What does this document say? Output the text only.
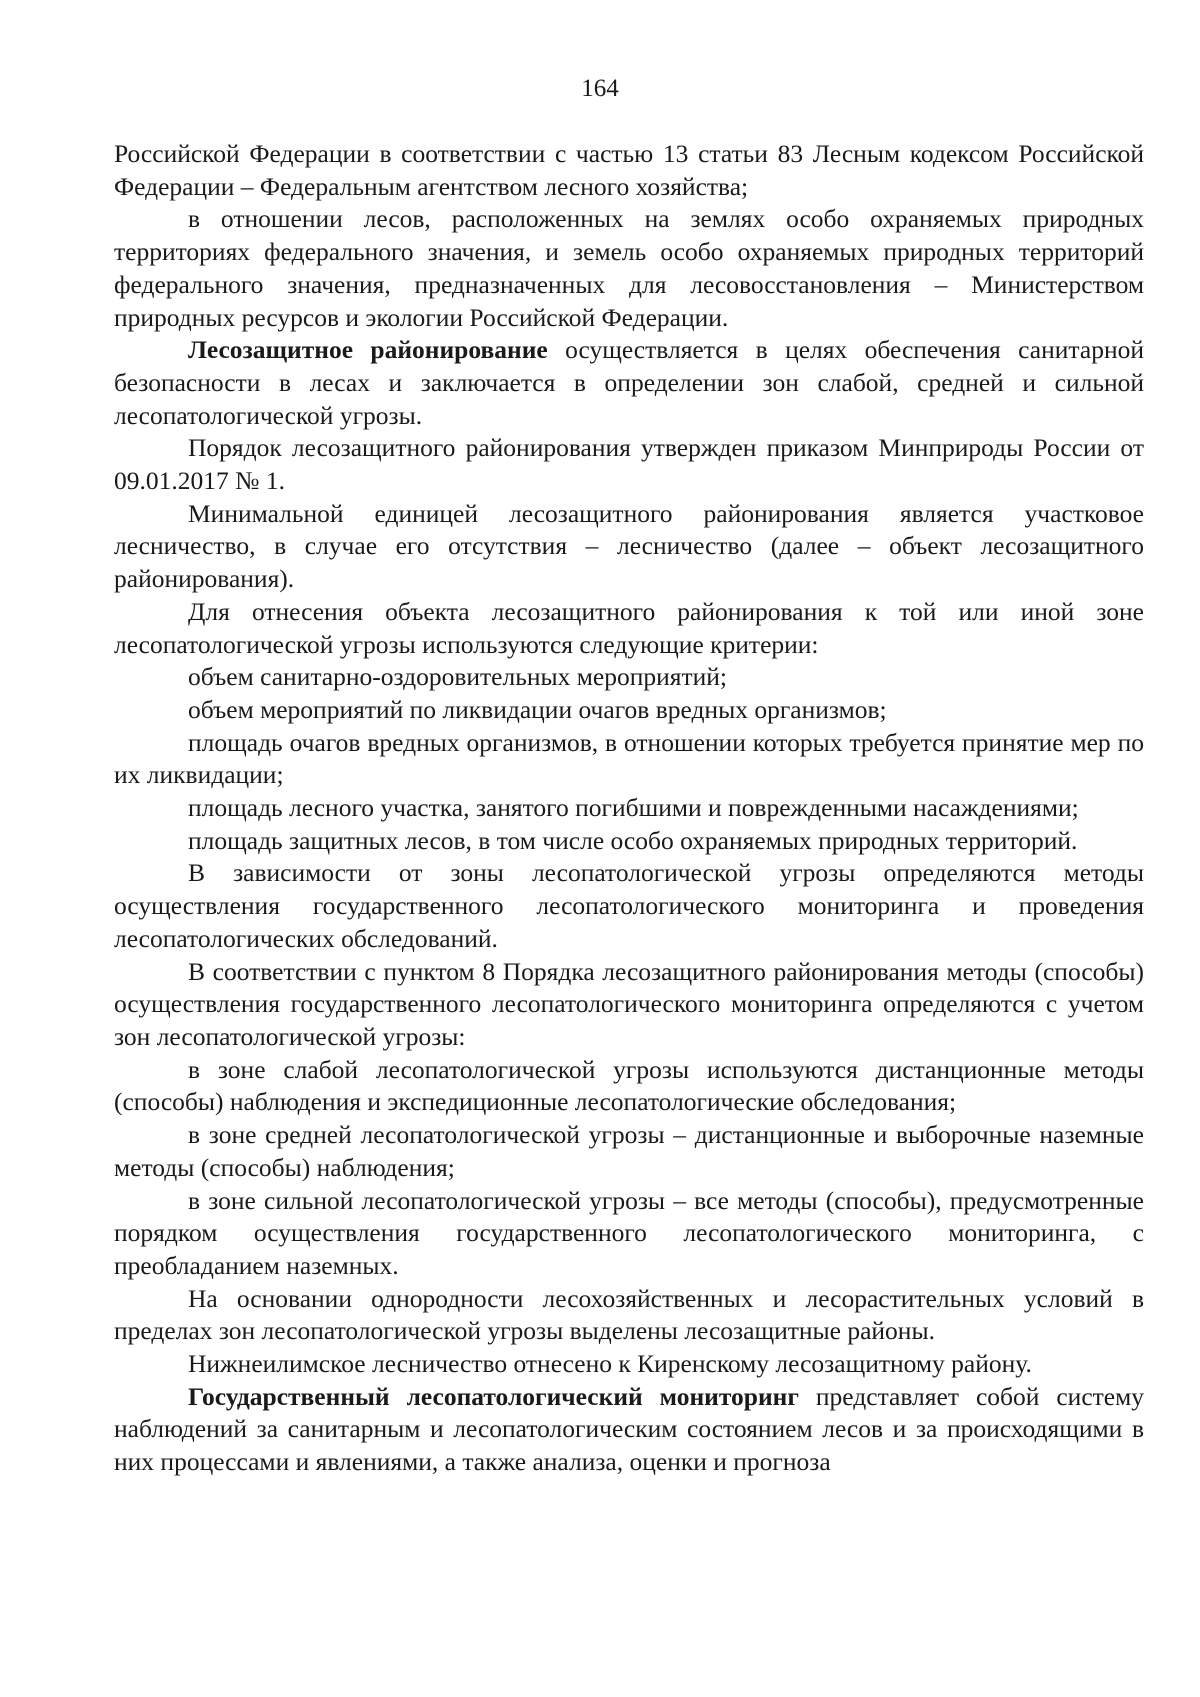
164

Российской Федерации в соответствии с частью 13 статьи 83 Лесным кодексом Российской Федерации – Федеральным агентством лесного хозяйства;

в отношении лесов, расположенных на землях особо охраняемых природных территориях федерального значения, и земель особо охраняемых природных территорий федерального значения, предназначенных для лесовосстановления – Министерством природных ресурсов и экологии Российской Федерации.

Лесозащитное районирование осуществляется в целях обеспечения санитарной безопасности в лесах и заключается в определении зон слабой, средней и сильной лесопатологической угрозы.

Порядок лесозащитного районирования утвержден приказом Минприроды России от 09.01.2017 № 1.

Минимальной единицей лесозащитного районирования является участковое лесничество, в случае его отсутствия – лесничество (далее – объект лесозащитного районирования).

Для отнесения объекта лесозащитного районирования к той или иной зоне лесопатологической угрозы используются следующие критерии:

объем санитарно-оздоровительных мероприятий;

объем мероприятий по ликвидации очагов вредных организмов;

площадь очагов вредных организмов, в отношении которых требуется принятие мер по их ликвидации;

площадь лесного участка, занятого погибшими и поврежденными насаждениями;

площадь защитных лесов, в том числе особо охраняемых природных территорий.

В зависимости от зоны лесопатологической угрозы определяются методы осуществления государственного лесопатологического мониторинга и проведения лесопатологических обследований.

В соответствии с пунктом 8 Порядка лесозащитного районирования методы (способы) осуществления государственного лесопатологического мониторинга определяются с учетом зон лесопатологической угрозы:

в зоне слабой лесопатологической угрозы используются дистанционные методы (способы) наблюдения и экспедиционные лесопатологические обследования;

в зоне средней лесопатологической угрозы – дистанционные и выборочные наземные методы (способы) наблюдения;

в зоне сильной лесопатологической угрозы – все методы (способы), предусмотренные порядком осуществления государственного лесопатологического мониторинга, с преобладанием наземных.

На основании однородности лесохозяйственных и лесорастительных условий в пределах зон лесопатологической угрозы выделены лесозащитные районы.

Нижнеилимское лесничество отнесено к Киренскому лесозащитному району.

Государственный лесопатологический мониторинг представляет собой систему наблюдений за санитарным и лесопатологическим состоянием лесов и за происходящими в них процессами и явлениями, а также анализа, оценки и прогноза
